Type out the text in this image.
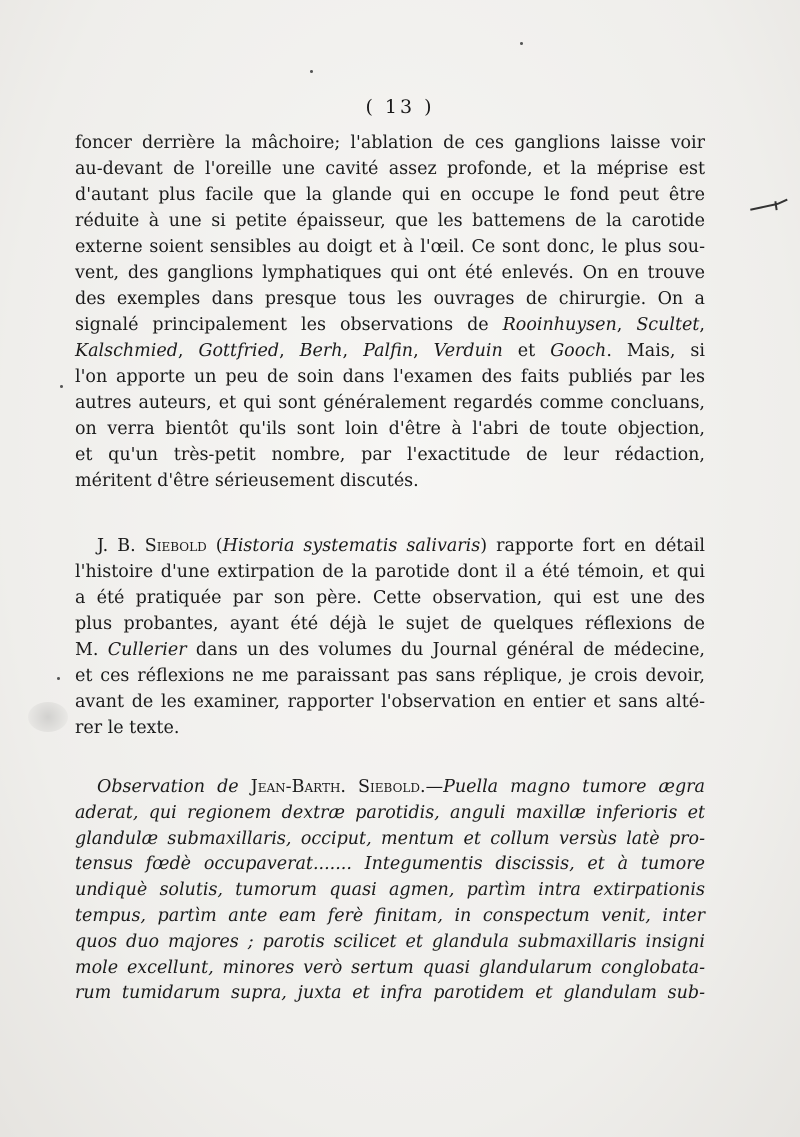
( 13 )
foncer derrière la mâchoire; l'ablation de ces ganglions laisse voir
au-devant de l'oreille une cavité assez profonde, et la méprise est
d'autant plus facile que la glande qui en occupe le fond peut être
réduite à une si petite épaisseur, que les battemens de la carotide
externe soient sensibles au doigt et à l'œil. Ce sont donc, le plus sou-
vent, des ganglions lymphatiques qui ont été enlevés. On en trouve
des exemples dans presque tous les ouvrages de chirurgie. On a
signalé principalement les observations de Rooinhuysen, Scultet,
Kalschmied, Gottfried, Berh, Palfin, Verduin et Gooch. Mais, si
l'on apporte un peu de soin dans l'examen des faits publiés par les
autres auteurs, et qui sont généralement regardés comme concluans,
on verra bientôt qu'ils sont loin d'être à l'abri de toute objection,
et qu'un très-petit nombre, par l'exactitude de leur rédaction,
méritent d'être sérieusement discutés.
J. B. Siebold (Historia systematis salivaris) rapporte fort en détail
l'histoire d'une extirpation de la parotide dont il a été témoin, et qui
a été pratiquée par son père. Cette observation, qui est une des
plus probantes, ayant été déjà le sujet de quelques réflexions de
M. Cullerier dans un des volumes du Journal général de médecine,
et ces réflexions ne me paraissant pas sans réplique, je crois devoir,
avant de les examiner, rapporter l'observation en entier et sans alté-
rer le texte.
Observation de Jean-Barth. Siebold.—Puella magno tumore ægra
aderat, qui regionem dextræ parotidis, anguli maxillæ inferioris et
glandulæ submaxillaris, occiput, mentum et collum versùs latè pro-
tensus fœdè occupaverat....... Integumentis discissis, et à tumore
undiquè solutis, tumorum quasi agmen, partìm intra extirpationis
tempus, partìm ante eam ferè finitam, in conspectum venit, inter
quos duo majores ; parotis scilicet et glandula submaxillaris insigni
mole excellunt, minores verò sertum quasi glandularum conglobata-
rum tumidarum supra, juxta et infra parotidem et glandulam sub-
